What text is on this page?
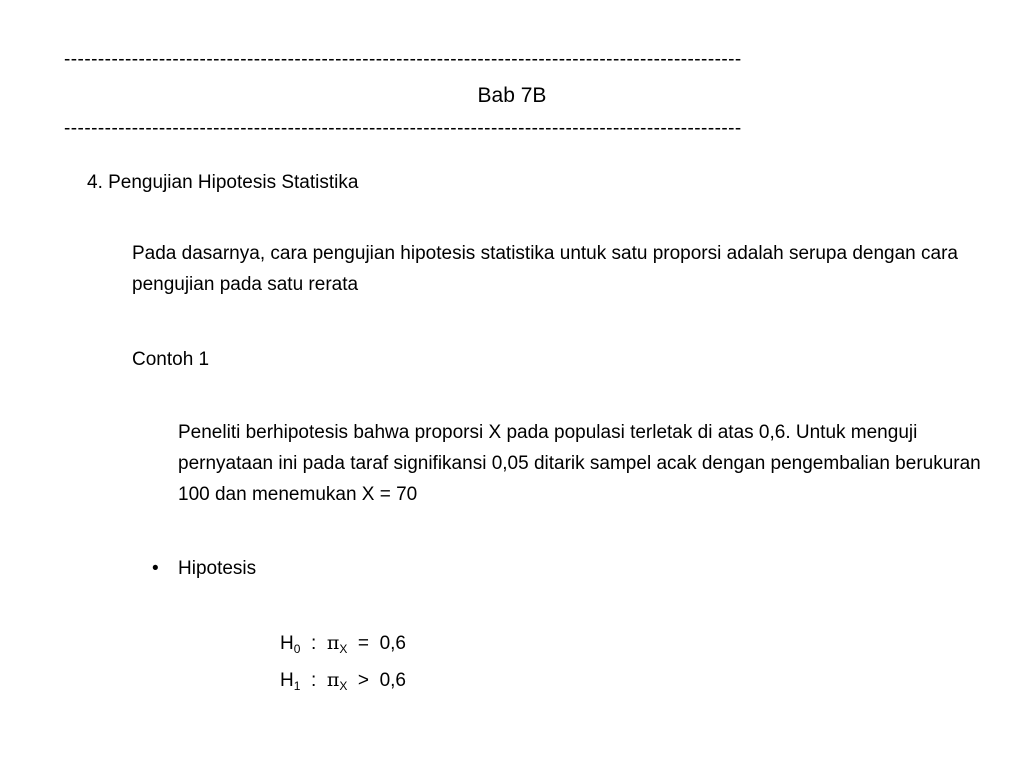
----------------------------------------------------------------------------------------------------
Bab 7B
----------------------------------------------------------------------------------------------------
4. Pengujian Hipotesis Statistika
Pada dasarnya, cara pengujian hipotesis statistika untuk satu proporsi adalah serupa dengan cara pengujian pada satu rerata
Contoh 1
Peneliti berhipotesis bahwa proporsi X pada populasi terletak di atas 0,6. Untuk menguji pernyataan ini pada taraf signifikansi 0,05 ditarik sampel acak dengan pengembalian berukuran 100 dan menemukan X = 70
• Hipotesis
$H_0$  :  $\pi_X = 0,6$
$H_1$  :  $\pi_X > 0,6$
